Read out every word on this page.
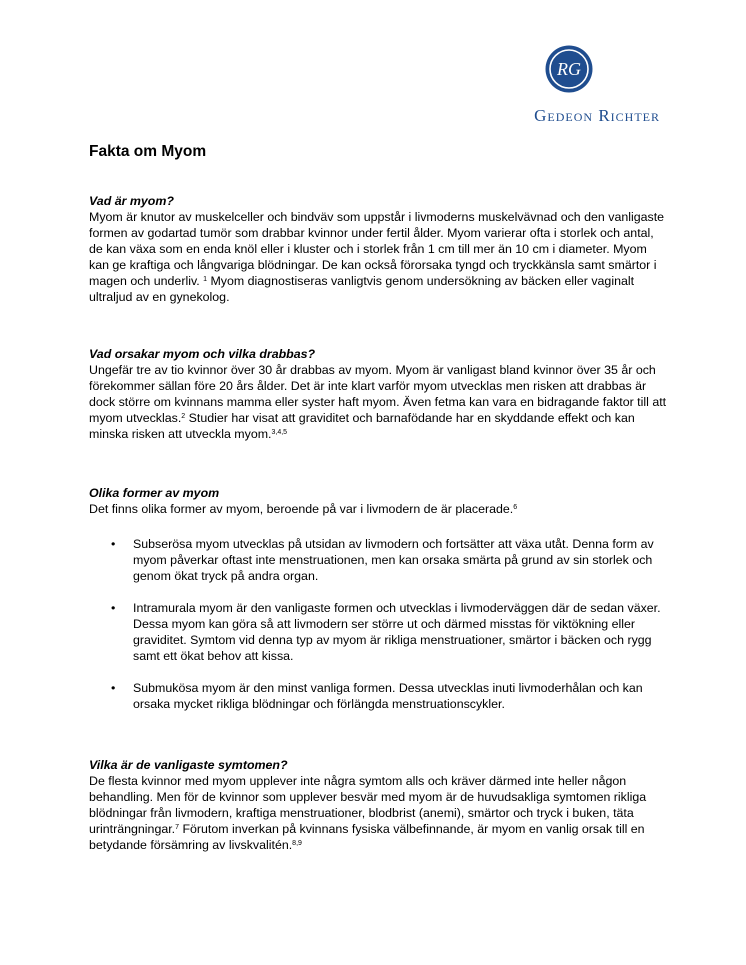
RG
Gedeon Richter
Fakta om Myom
Vad är myom?

Myom är knutor av muskelceller och bindväv som uppstår i livmoderns muskelvävnad och den vanligaste formen av godartad tumör som drabbar kvinnor under fertil ålder. Myom varierar ofta i storlek och antal, de kan växa som en enda knöl eller i kluster och i storlek från 1 cm till mer än 10 cm i diameter. Myom kan ge kraftiga och långvariga blödningar. De kan också förorsaka tyngd och tryckkänsla samt smärtor i magen och underliv. $^1$ Myom diagnostiseras vanligtvis genom undersökning av bäcken eller vaginalt ultraljud av en gynekolog.

Vad orsakar myom och vilka drabbas?

Ungefär tre av tio kvinnor över 30 år drabbas av myom. Myom är vanligast bland kvinnor över 35 år och förekommer sällan före 20 års ålder. Det är inte klart varför myom utvecklas men risken att drabbas är dock större om kvinnans mamma eller syster haft myom. Även fetma kan vara en bidragande faktor till att myom utvecklas.$^2$ Studier har visat att graviditet och barnafödande har en skyddande effekt och kan minska risken att utveckla myom.$^{3,4,5}$

Olika former av myom

Det finns olika former av myom, beroende på var i livmodern de är placerade.$^6$

• Subserösa myom utvecklas på utsidan av livmodern och fortsätter att växa utåt. Denna form av myom påverkar oftast inte menstruationen, men kan orsaka smärta på grund av sin storlek och genom ökat tryck på andra organ.
• Intramurala myom är den vanligaste formen och utvecklas i livmoderväggen där de sedan växer. Dessa myom kan göra så att livmodern ser större ut och därmed misstas för viktökning eller graviditet. Symtom vid denna typ av myom är rikliga menstruationer, smärtor i bäcken och rygg samt ett ökat behov att kissa.
• Submukösa myom är den minst vanliga formen. Dessa utvecklas inuti livmoderhålan och kan orsaka mycket rikliga blödningar och förlängda menstruationscykler.
Vilka är de vanligaste symtomen?

De flesta kvinnor med myom upplever inte några symtom alls och kräver därmed inte heller någon behandling. Men för de kvinnor som upplever besvär med myom är de huvudsakliga symtomen rikliga blödningar från livmodern, kraftiga menstruationer, blodbrist (anemi), smärtor och tryck i buken, täta urinträngningar.$^7$ Förutom inverkan på kvinnans fysiska välbefinnande, är myom en vanlig orsak till en betydande försämring av livskvalitén.$^{8,9}$
